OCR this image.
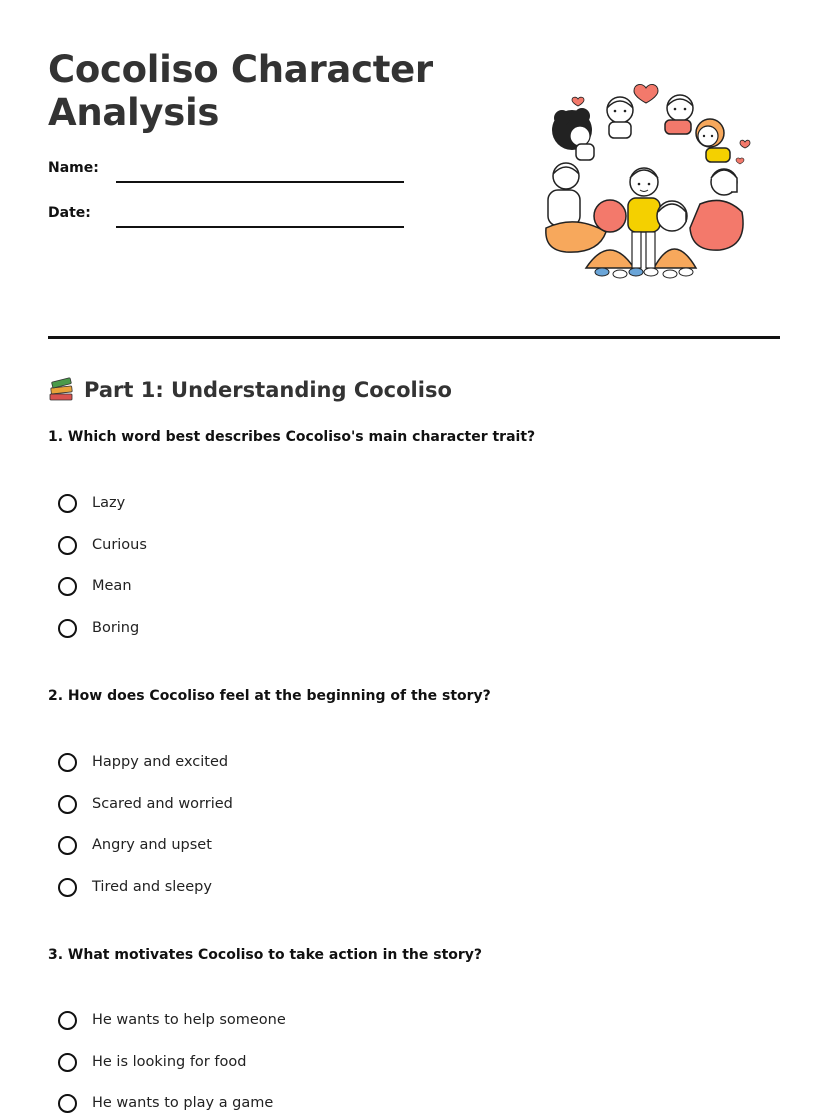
Cocoliso Character Analysis
Name:
Date:
Part 1: Understanding Cocoliso
1. Which word best describes Cocoliso's main character trait?
Lazy
Curious
Mean
Boring
2. How does Cocoliso feel at the beginning of the story?
Happy and excited
Scared and worried
Angry and upset
Tired and sleepy
3. What motivates Cocoliso to take action in the story?
He wants to help someone
He is looking for food
He wants to play a game
